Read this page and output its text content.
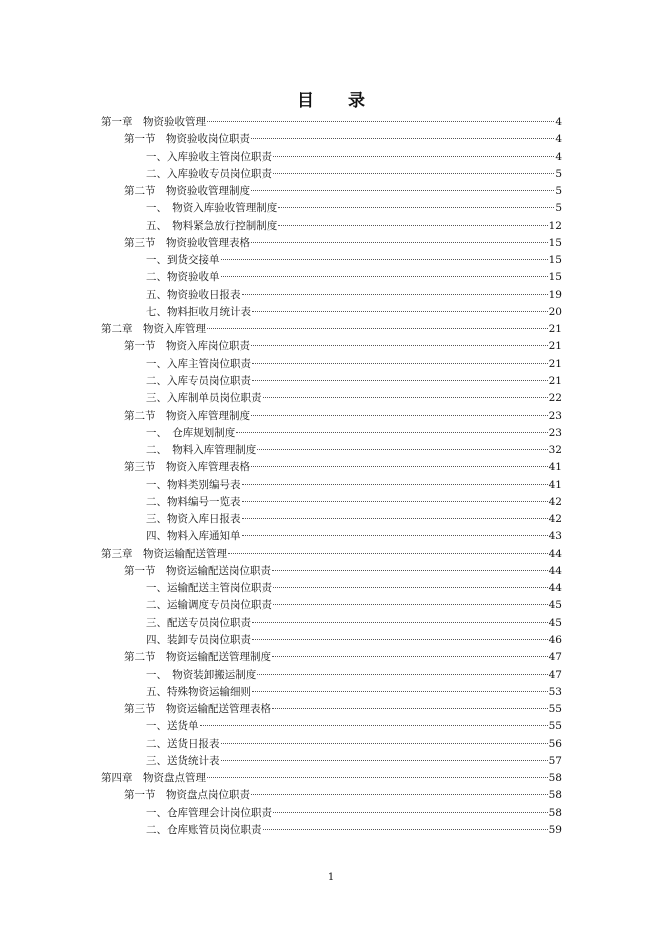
目 录
第一章　物资验收管理	4
第一节　物资验收岗位职责	4
一、入库验收主管岗位职责	4
二、入库验收专员岗位职责	5
第二节　物资验收管理制度	5
一、　物资入库验收管理制度	5
五、　物料紧急放行控制制度	12
第三节　物资验收管理表格	15
一、到货交接单	15
二、物资验收单	15
五、物资验收日报表	19
七、物料拒收月统计表	20
第二章　物资入库管理	21
第一节　物资入库岗位职责	21
一、入库主管岗位职责	21
二、入库专员岗位职责	21
三、入库制单员岗位职责	22
第二节　物资入库管理制度	23
一、　仓库规划制度	23
二、　物料入库管理制度	32
第三节　物资入库管理表格	41
一、物料类别编号表	41
二、物料编号一览表	42
三、物资入库日报表	42
四、物料入库通知单	43
第三章　物资运输配送管理	44
第一节　物资运输配送岗位职责	44
一、运输配送主管岗位职责	44
二、运输调度专员岗位职责	45
三、配送专员岗位职责	45
四、装卸专员岗位职责	46
第二节　物资运输配送管理制度	47
一、　物资装卸搬运制度	47
五、特殊物资运输细则	53
第三节　物资运输配送管理表格	55
一、送货单	55
二、送货日报表	56
三、送货统计表	57
第四章　物资盘点管理	58
第一节　物资盘点岗位职责	58
一、仓库管理会计岗位职责	58
二、仓库账管员岗位职责	59
1
